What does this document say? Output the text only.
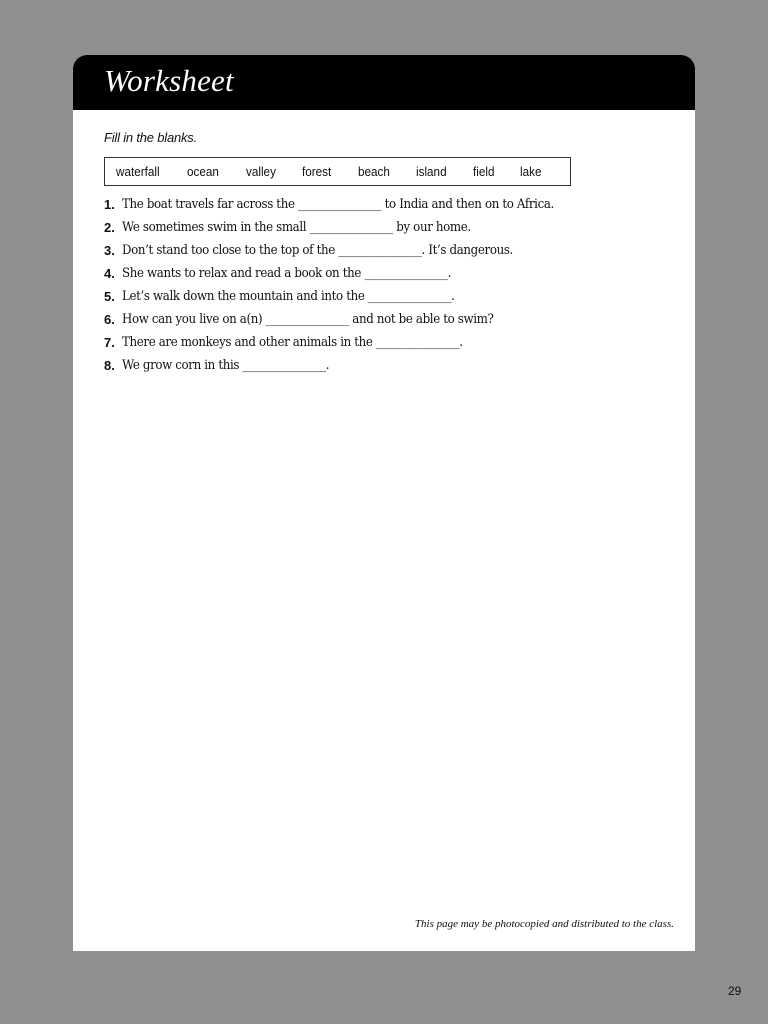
Worksheet
Fill in the blanks.
waterfall ocean valley forest beach island field lake
1. The boat travels far across the _______________ to India and then on to Africa.
2. We sometimes swim in the small _______________ by our home.
3. Don’t stand too close to the top of the _______________. It’s dangerous.
4. She wants to relax and read a book on the _______________.
5. Let’s walk down the mountain and into the _______________.
6. How can you live on a(n) _______________ and not be able to swim?
7. There are monkeys and other animals in the _______________.
8. We grow corn in this _______________.
This page may be photocopied and distributed to the class.
29
